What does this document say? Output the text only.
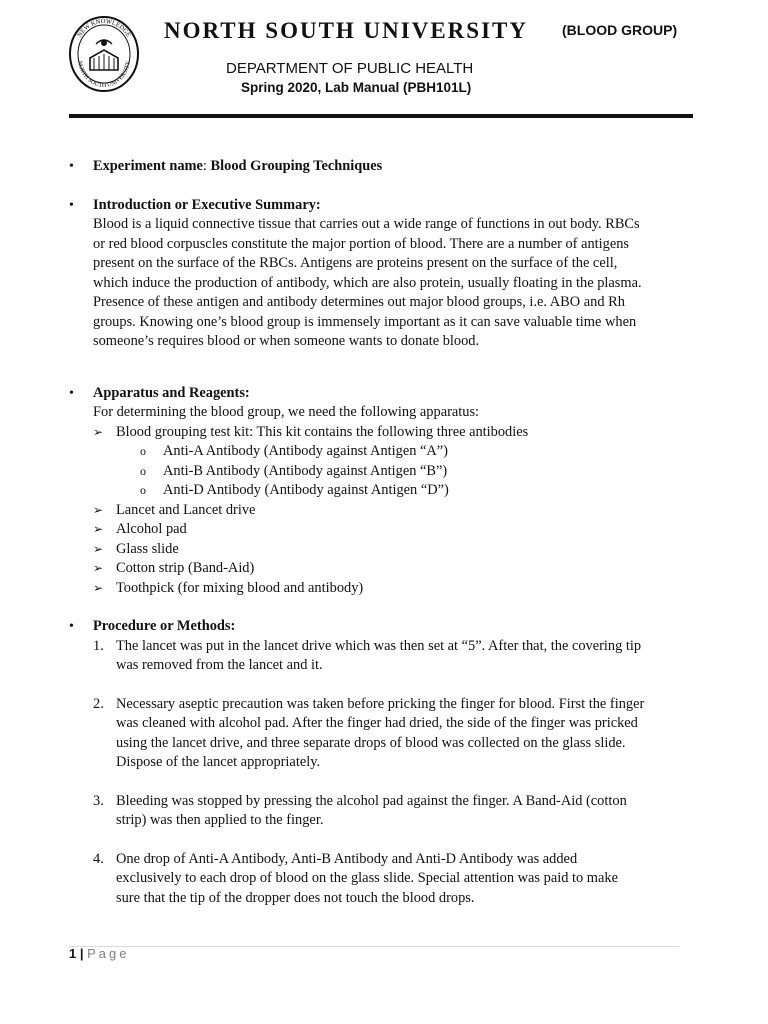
NEW KNOWLEDGE
NORTH SOUTH UNIVERSITY
NORTH SOUTH UNIVERSITY (BLOOD GROUP)
DEPARTMENT OF PUBLIC HEALTH
Spring 2020, Lab Manual (PBH101L)
• Experiment name: Blood Grouping Techniques
• Introduction or Executive Summary:
Blood is a liquid connective tissue that carries out a wide range of functions in out body. RBCs
or red blood corpuscles constitute the major portion of blood. There are a number of antigens
present on the surface of the RBCs. Antigens are proteins present on the surface of the cell,
which induce the production of antibody, which are also protein, usually floating in the plasma.
Presence of these antigen and antibody determines out major blood groups, i.e. ABO and Rh
groups. Knowing one’s blood group is immensely important as it can save valuable time when
someone’s requires blood or when someone wants to donate blood.
• Apparatus and Reagents:
For determining the blood group, we need the following apparatus:
➢ Blood grouping test kit: This kit contains the following three antibodies
o Anti-A Antibody (Antibody against Antigen “A”)
o Anti-B Antibody (Antibody against Antigen “B”)
o Anti-D Antibody (Antibody against Antigen “D”)
➢ Lancet and Lancet drive
➢ Alcohol pad
➢ Glass slide
➢ Cotton strip (Band-Aid)
➢ Toothpick (for mixing blood and antibody)
• Procedure or Methods:
1. The lancet was put in the lancet drive which was then set at “5”. After that, the covering tip
was removed from the lancet and it.
2. Necessary aseptic precaution was taken before pricking the finger for blood. First the finger
was cleaned with alcohol pad. After the finger had dried, the side of the finger was pricked
using the lancet drive, and three separate drops of blood was collected on the glass slide.
Dispose of the lancet appropriately.
3. Bleeding was stopped by pressing the alcohol pad against the finger. A Band-Aid (cotton
strip) was then applied to the finger.
4. One drop of Anti-A Antibody, Anti-B Antibody and Anti-D Antibody was added
exclusively to each drop of blood on the glass slide. Special attention was paid to make
sure that the tip of the dropper does not touch the blood drops.
1 | Page
